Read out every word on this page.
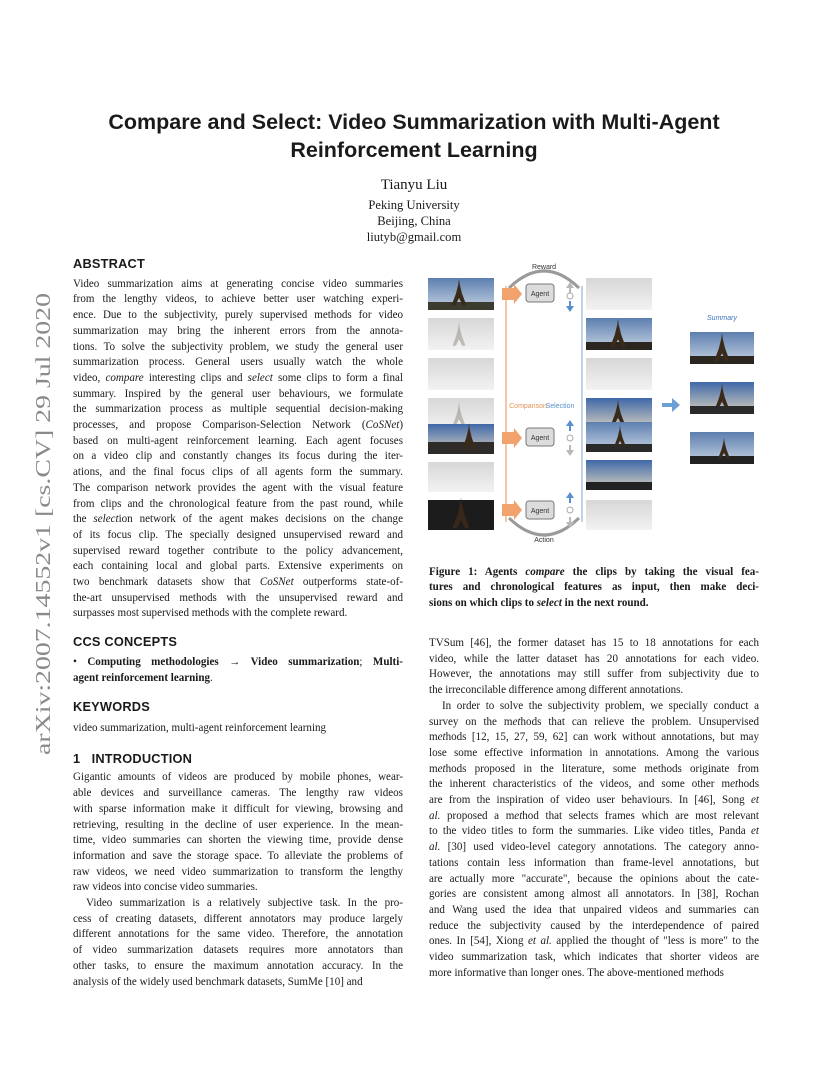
arXiv:2007.14552v1 [cs.CV] 29 Jul 2020
Compare and Select: Video Summarization with Multi-Agent
Reinforcement Learning
Tianyu Liu
Peking University
Beijing, China
liutyb@gmail.com
ABSTRACT
Video summarization aims at generating concise video summaries
from the lengthy videos, to achieve better user watching experi-
ence. Due to the subjectivity, purely supervised methods for video
summarization may bring the inherent errors from the annota-
tions. To solve the subjectivity problem, we study the general user
summarization process. General users usually watch the whole
video, compare interesting clips and select some clips to form a final
summary. Inspired by the general user behaviours, we formulate
the summarization process as multiple sequential decision-making
processes, and propose Comparison-Selection Network (CoSNet)
based on multi-agent reinforcement learning. Each agent focuses
on a video clip and constantly changes its focus during the iter-
ations, and the final focus clips of all agents form the summary.
The comparison network provides the agent with the visual feature
from clips and the chronological feature from the past round, while
the selection network of the agent makes decisions on the change
of its focus clip. The specially designed unsupervised reward and
supervised reward together contribute to the policy advancement,
each containing local and global parts. Extensive experiments on
two benchmark datasets show that CoSNet outperforms state-of-
the-art unsupervised methods with the unsupervised reward and
surpasses most supervised methods with the complete reward.
CCS CONCEPTS
• Computing methodologies → Video summarization; Multi-
agent reinforcement learning.
KEYWORDS
video summarization, multi-agent reinforcement learning
1   INTRODUCTION
Gigantic amounts of videos are produced by mobile phones, wear-
able devices and surveillance cameras. The lengthy raw videos
with sparse information make it difficult for viewing, browsing and
retrieving, resulting in the decline of user experience. In the mean-
time, video summaries can shorten the viewing time, provide dense
information and save the storage space. To alleviate the problems of
raw videos, we need video summarization to transform the lengthy
raw videos into concise video summaries.
Video summarization is a relatively subjective task. In the pro-
cess of creating datasets, different annotators may produce largely
different annotations for the same video. Therefore, the annotation
of video summarization datasets requires more annotators than
other tasks, to ensure the maximum annotation accuracy. In the
analysis of the widely used benchmark datasets, SumMe [10] and
Reward
Action
Agent
Agent
Agent
Comparison
Selection
Summary
Figure 1: Agents compare the clips by taking the visual fea-
tures and chronological features as input, then make deci-
sions on which clips to select in the next round.
TVSum [46], the former dataset has 15 to 18 annotations for each
video, while the latter dataset has 20 annotations for each video.
However, the annotations may still suffer from subjectivity due to
the irreconcilable difference among different annotations.
In order to solve the subjectivity problem, we specially conduct a
survey on the methods that can relieve the problem. Unsupervised
methods [12, 15, 27, 59, 62] can work without annotations, but may
lose some effective information in annotations. Among the various
methods proposed in the literature, some methods originate from
the inherent characteristics of the videos, and some other methods
are from the inspiration of video user behaviours. In [46], Song et
al. proposed a method that selects frames which are most relevant
to the video titles to form the summaries. Like video titles, Panda et
al. [30] used video-level category annotations. The category anno-
tations contain less information than frame-level annotations, but
are actually more "accurate", because the opinions about the cate-
gories are consistent among almost all annotators. In [38], Rochan
and Wang used the idea that unpaired videos and summaries can
reduce the subjectivity caused by the interdependence of paired
ones. In [54], Xiong et al. applied the thought of "less is more" to the
video summarization task, which indicates that shorter videos are
more informative than longer ones. The above-mentioned methods
